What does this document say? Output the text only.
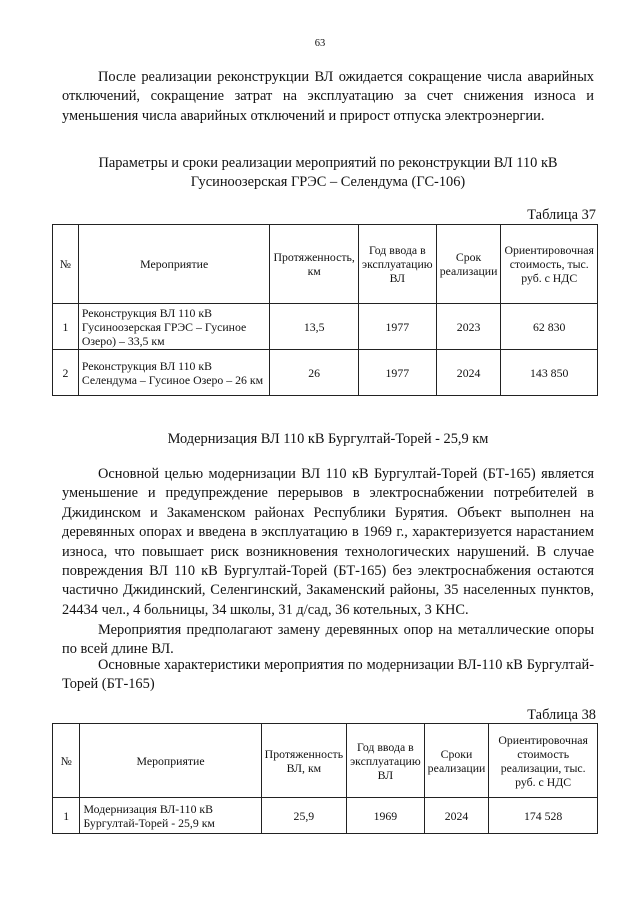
63

После реализации реконструкции ВЛ ожидается сокращение числа аварийных отключений, сокращение затрат на эксплуатацию за счет снижения износа и уменьшения числа аварийных отключений и прирост отпуска электроэнергии.

Параметры и сроки реализации мероприятий по реконструкции ВЛ 110 кВ
Гусиноозерская ГРЭС – Селендума (ГС-106)
Таблица 37
№	Мероприятие	Протяженность, км	Год ввода в эксплуатацию ВЛ	Срок реализации	Ориентировочная стоимость, тыс. руб. с НДС
1	Реконструкция ВЛ 110 кВ Гусиноозерская ГРЭС – Гусиное Озеро) – 33,5 км	13,5	1977	2023	62 830
2	Реконструкция ВЛ 110 кВ Селендума – Гусиное Озеро – 26 км	26	1977	2024	143 850
Модернизация ВЛ 110 кВ Бургултай-Торей - 25,9 км

Основной целью модернизации ВЛ 110 кВ Бургултай-Торей (БТ-165) является уменьшение и предупреждение перерывов в электроснабжении потребителей в Джидинском и Закаменском районах Республики Бурятия. Объект выполнен на деревянных опорах и введена в эксплуатацию в 1969 г., характеризуется нарастанием износа, что повышает риск возникновения технологических нарушений. В случае повреждения ВЛ 110 кВ Бургултай-Торей (БТ-165) без электроснабжения остаются частично Джидинский, Селенгинский, Закаменский районы, 35 населенных пунктов, 24434 чел., 4 больницы, 34 школы, 31 д/сад, 36 котельных, 3 КНС.

Мероприятия предполагают замену деревянных опор на металлические опоры по всей длине ВЛ.

Основные характеристики мероприятия по модернизации ВЛ-110 кВ Бургултай-Торей (БТ-165)

Таблица 38
№	Мероприятие	Протяженность ВЛ, км	Год ввода в эксплуатацию ВЛ	Сроки реализации	Ориентировочная стоимость реализации, тыс. руб. с НДС
1	Модернизация ВЛ-110 кВ Бургултай-Торей - 25,9 км	25,9	1969	2024	174 528
